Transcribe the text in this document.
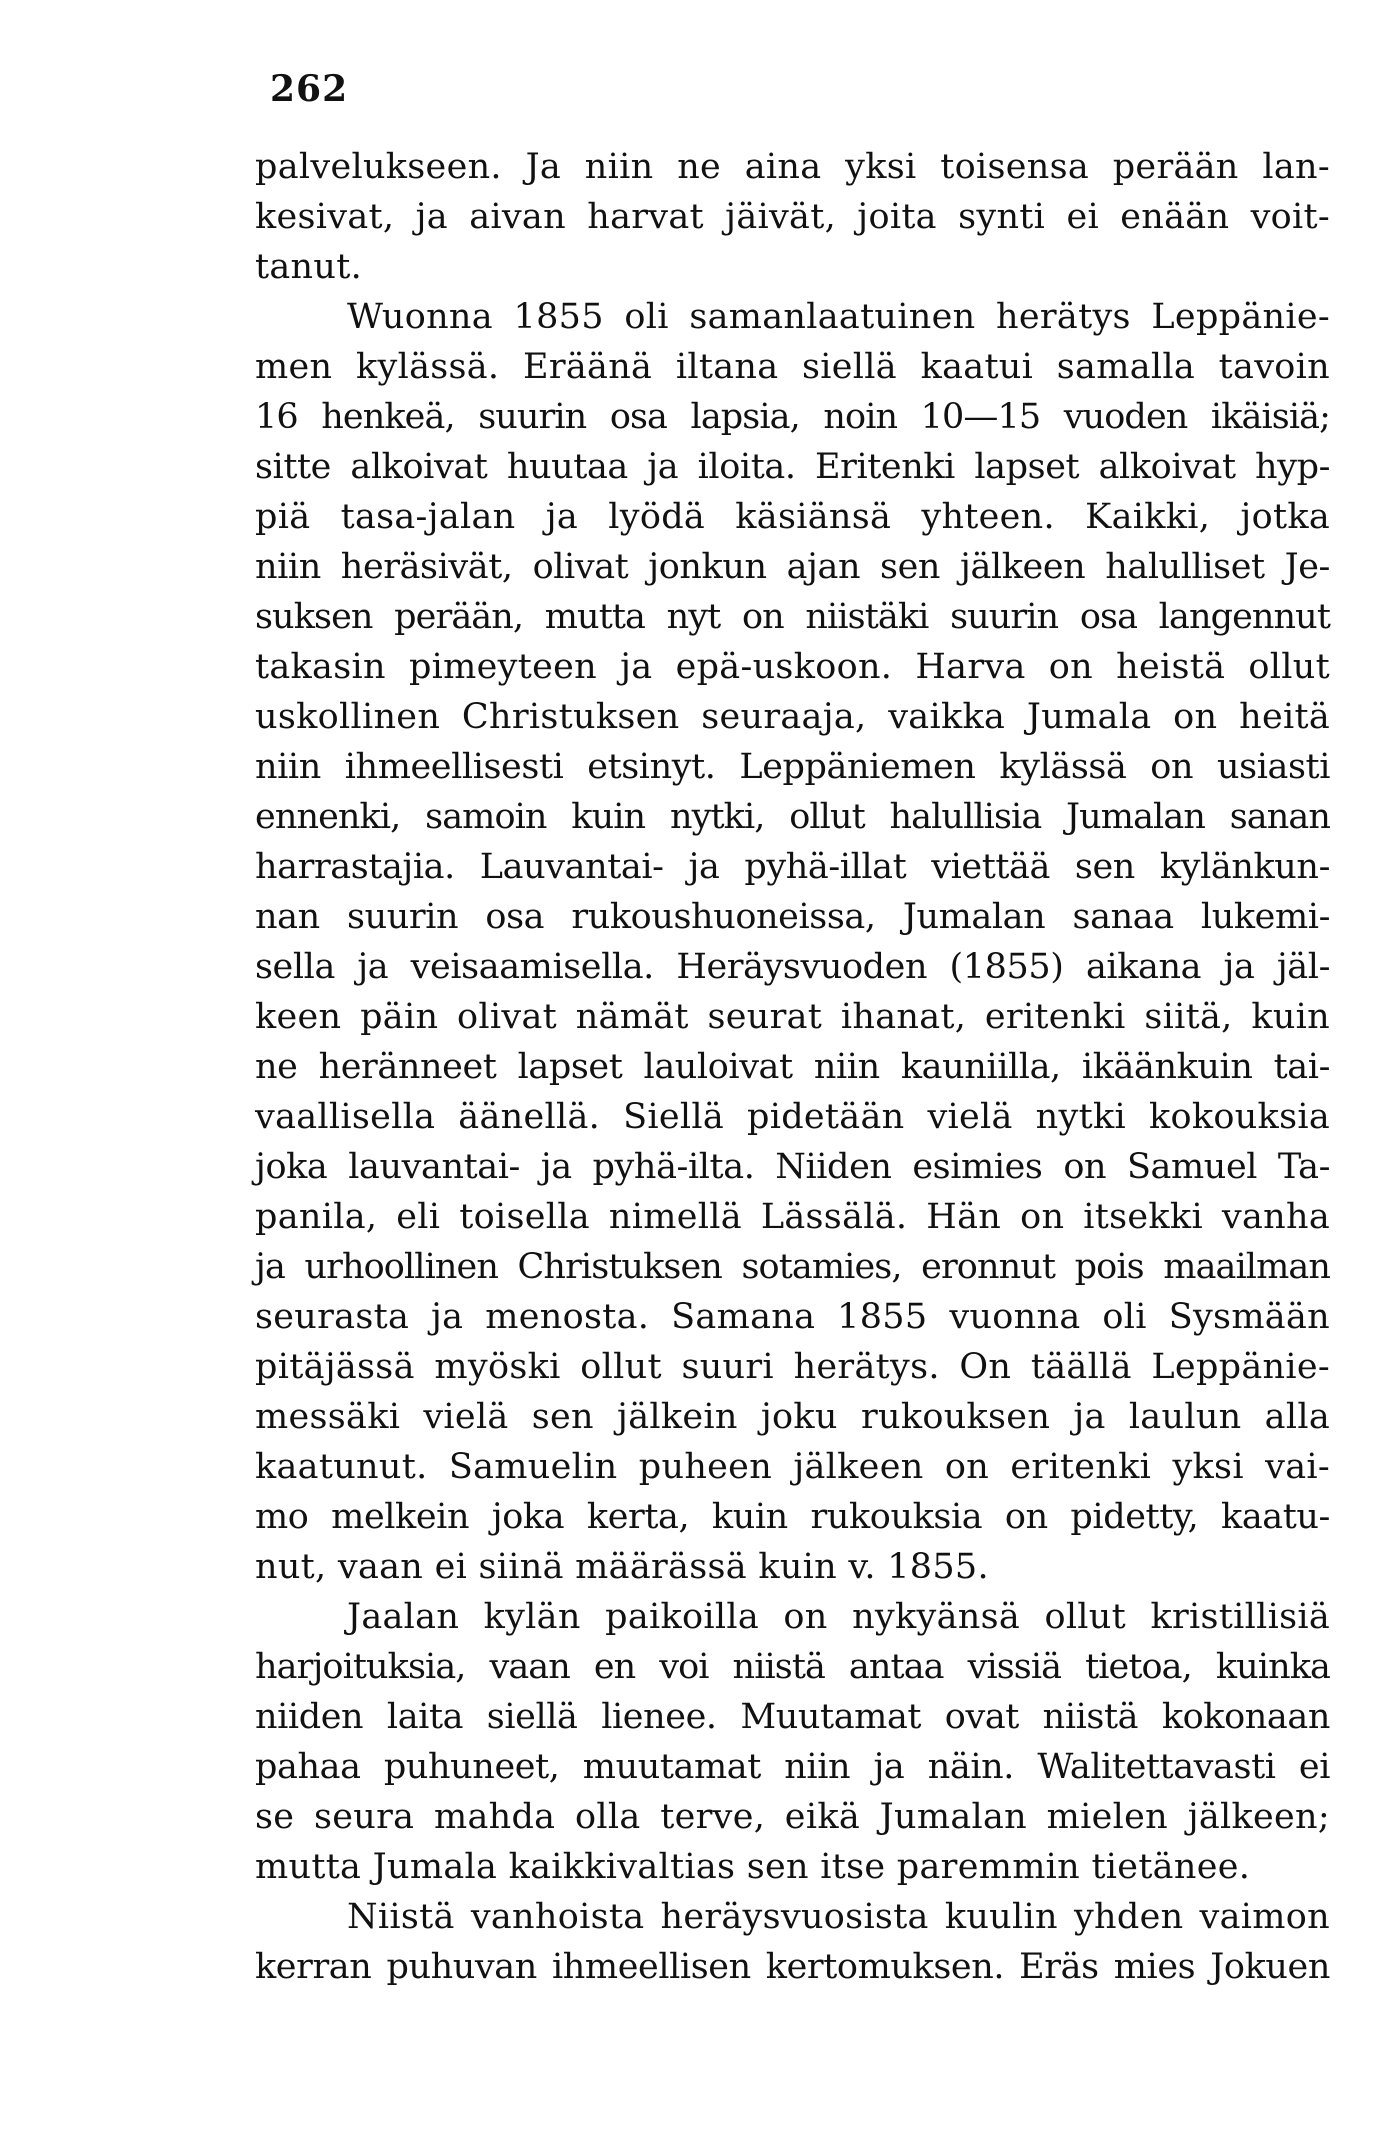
262
palvelukseen. Ja niin ne aina yksi toisensa perään lan-
kesivat, ja aivan harvat jäivät, joita synti ei enään voit-
tanut.
Wuonna 1855 oli samanlaatuinen herätys Leppänie-
men kylässä. Eräänä iltana siellä kaatui samalla tavoin
16 henkeä, suurin osa lapsia, noin 10—15 vuoden ikäisiä;
sitte alkoivat huutaa ja iloita. Eritenki lapset alkoivat hyp-
piä tasa-jalan ja lyödä käsiänsä yhteen. Kaikki, jotka
niin heräsivät, olivat jonkun ajan sen jälkeen halulliset Je-
suksen perään, mutta nyt on niistäki suurin osa langennut
takasin pimeyteen ja epä-uskoon. Harva on heistä ollut
uskollinen Christuksen seuraaja, vaikka Jumala on heitä
niin ihmeellisesti etsinyt. Leppäniemen kylässä on usiasti
ennenki, samoin kuin nytki, ollut halullisia Jumalan sanan
harrastajia. Lauvantai- ja pyhä-illat viettää sen kylänkun-
nan suurin osa rukoushuoneissa, Jumalan sanaa lukemi-
sella ja veisaamisella. Heräysvuoden (1855) aikana ja jäl-
keen päin olivat nämät seurat ihanat, eritenki siitä, kuin
ne heränneet lapset lauloivat niin kauniilla, ikäänkuin tai-
vaallisella äänellä. Siellä pidetään vielä nytki kokouksia
joka lauvantai- ja pyhä-ilta. Niiden esimies on Samuel Ta-
panila, eli toisella nimellä Lässälä. Hän on itsekki vanha
ja urhoollinen Christuksen sotamies, eronnut pois maailman
seurasta ja menosta. Samana 1855 vuonna oli Sysmään
pitäjässä myöski ollut suuri herätys. On täällä Leppänie-
messäki vielä sen jälkein joku rukouksen ja laulun alla
kaatunut. Samuelin puheen jälkeen on eritenki yksi vai-
mo melkein joka kerta, kuin rukouksia on pidetty, kaatu-
nut, vaan ei siinä määrässä kuin v. 1855.
Jaalan kylän paikoilla on nykyänsä ollut kristillisiä
harjoituksia, vaan en voi niistä antaa vissiä tietoa, kuinka
niiden laita siellä lienee. Muutamat ovat niistä kokonaan
pahaa puhuneet, muutamat niin ja näin. Walitettavasti ei
se seura mahda olla terve, eikä Jumalan mielen jälkeen;
mutta Jumala kaikkivaltias sen itse paremmin tietänee.
Niistä vanhoista heräysvuosista kuulin yhden vaimon
kerran puhuvan ihmeellisen kertomuksen. Eräs mies Jokuen
